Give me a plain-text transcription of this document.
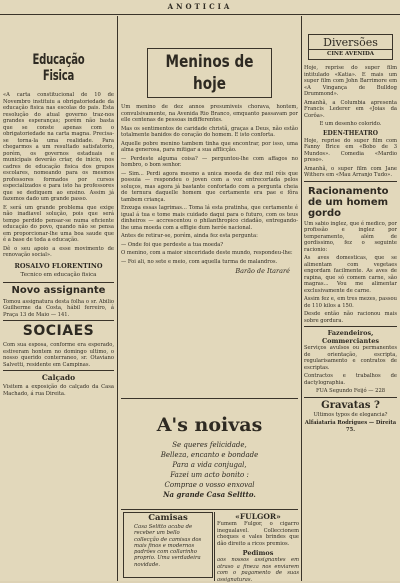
ANOTICIA
Educação Fisica

«A carta constitucional de 10 de Novembro instituiu a obrigatoriedade da educação fisica nas escolas do pais. Esta resolução do atual governo traz-nos grandes esperanças; porém não basta que se conste apenas com o obrigatoriedade na carta magna. Precisa-se torna-la uma realidade. Para chegarmos a um resultado satisfatorio, porém, os governos estaduais e municipais deverão criar, de inicio, nos cadres de educação fisica dos grupos escolares, nomeando para os mesmos professores formados por cursos especializados e para isto ha professores que se dediquem ao ensino. Assim já fazemos dado um grande passo.

E será um grande problema que exige não inadiavel solução, pois que será tempo perdido pensar-se numa eficiente educação do povo, quando não se pensa em proporcionar-lhe uma boa saude que é a base de toda a educação.

Dê o seu apoio a esse movimento de renovação social».

ROSALVO FLORENTINO
Tecnico em educação fisica
Novo assignante

Tomou assignatura desta folha o sr. Abilio Guilherme da Costa, hábil ferreiro, á Praça 13 de Maio — 141.

SOCIAES

Com sua esposa, conforme era esperado, estiveram hontem no domingo ultimo, o nosso querido conterraneo, sr. Otaviano Salvetti, residente em Campinas.

Calçado

Visitem a exposição do calçado da Casa Machado, á rua Direita.

Meninos de hoje

Um menino de dez annos presumiveis chorava, hontem, convulsivamente, na Avenida Rio Branco, emquanto passavam por elle centenas de pessoas indifferentes.

Mas os sentimentos de caridade christã, graças a Deus, não estão totalmente banidos do coração do homem. E isto conforta.

Aquelle pobre menino tambem tinha que encontrar, por isso, uma alma generosa, para mitigar a sua afflicção.

— Perdeste alguma coisa? — perguntou-lhe com affagos no hombro, o bom senhor.

— Sim... Perdi agora mesmo a unica moeda de dez mil réis que possuia — respondeu o joven com a voz entrecortada pelos soluços, mas agora já bastante confortado com a pergunta cheia de ternura daquelle homem que certamente era pae e fôra tambem criança.

Enxuga essas lagrimas... Toma lá esta pratinha, que certamente é igual á tua e tome mais cuidado daqui para o futuro, com os teus dinheiros — accrescentou o philanthropico cidadão, entregando-lhe uma moeda com a effigie dum heróe nacional.

Antes de retirar-se, porém, ainda fez esta pergunta:

— Onde foi que perdeste a tua moeda?

O menino, com a maior sinceridade deste mundo, respondeu-lhe:

— Foi ali, no sete e meio, com aquella turma de malandros.

Barão de Itararé
A's noivas
Se queres felicidade,
Belleza, encanto e bondade
Para a vida conjugal,
Fazei um acto bonito :
Comprae o vosso enxoval
Na grande Casa Selitto.
Camisas
Casa Selitto acaba de receber um bello collecção de camisas dos mais finos e modernos padrões com collarinho proprio. Uma verdadeira novidade.
«FULGOR»

Fumem Fulgor, o cigarro inegualavel. Colleccionem cheques e vales brindes que dão direito a ricos premios.

Pedimos

aos nossos assignantes em atraso a fineza nos enviarem com o pagamento de suas assignaturas.

Diversões
CINE AVENIDA

Hoje, reprise do super film intitulado «Katia». E mais um super film com John Barrimore em «A Vingança de Bulldog Drummond».

Amanhã, a Columbia apresenta Francis Lederer em «Joias da Corôa».

E um desenho colorido.

EDEN-THEATRO

Hoje, reprise do super film com Fanny Brice em «Bobo de 3 Mundos». Comedia «Mardio preso».

Amanhã, o super film com Jane Withers em «Mau Arranjo Tudo».

Racionamento de um homem gordo

Um sabio inglez, que é medico, por profissão e inglez por temperamento, além de gordissimo, fez o seguinte racionio:

As aves domesticas, que se alimentam com vegetaes engordam facilmente. As aves de rapina, que só comem carne, são magras... Vou me alimentar exclusivamente de carne.

Assim fez e, em tres mezes, passou de 110 kilos a 150.

Desde então não racionou mais sobre gordura.

Fazendeiros, Commerciantes

Serviços avulsos ou permanentes de orientação, escripta, regularisamento e contratos de escriptas.

Contractos e trabalhos de dactylographia.

FUA Segundo Feijó — 228

Gravatas ?

Ultimos typos de elegancia?

Alfaiataria Rodrigues — Direita 75.
